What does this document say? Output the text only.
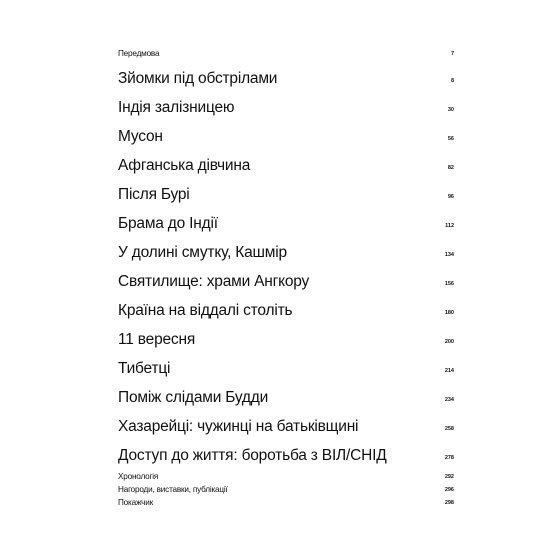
Передмова	7
Зйомки під обстрілами	8
Індія залізницею	30
Мусон	56
Афганська дівчина	82
Після Бурі	96
Брама до Індії	112
У долині смутку, Кашмір	134
Святилище: храми Ангкору	156
Країна на віддалі століть	180
11 вересня	200
Тибетці	214
Поміж слідами Будди	234
Хазарейці: чужинці на батьківщині	258
Доступ до життя: боротьба з ВІЛ/СНІД	278
Хронологія	292
Нагороди, виставки, публікації	296
Покажчик	298
